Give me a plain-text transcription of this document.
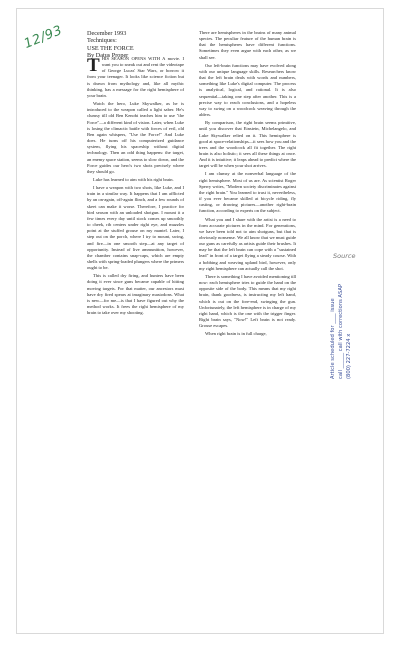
12/93	December 1993
Techniques:
USE THE FORCE
By Datus Proper

THIS SEASON OPENS WITH A movie. I want you to sneak out and rent the videotape of George Lucas' Star Wars, or borrow it from your teenager. It looks like science fiction but is drawn from mythology and, like all mythic thinking, has a message for the right hemisphere of your brain.

Watch the hero, Luke Skywalker, as he is introduced to the weapon called a light saber. He's clumsy till old Ben Kenobi teaches him to use "the Force"—a different kind of vision. Later, when Luke is losing the climactic battle with forces of evil, old Ben again whispers, "Use the Force!" And Luke does. He turns off his computerized guidance system, flying his spaceship without digital technology. Then an odd thing happens: the target, an enemy space station, seems to slow down, and the Force guides our hero's two shots precisely where they should go.

Luke has learned to aim with his right brain.

I have a weapon with two shots, like Luke, and I train in a similar way. It happens that I am afflicted by an on-again, off-again flinch, and a few rounds of skeet can make it worse. Therefore, I practice for bird season with an unloaded shotgun. I mount it a few times every day until stock comes up smoothly to cheek, rib centers under right eye, and muzzles point at the stuffed grouse on my mantel. Later, I step out on the porch, where I try to mount, swing, and fire—in one smooth step—at any target of opportunity. Instead of live ammunition, however, the chamber contains snap-caps, which are empty shells with spring-loaded plungers where the primers ought to be.

This is called dry firing, and hunters have been doing it ever since guns became capable of hitting moving targets. For that matter, our ancestors must have dry fired spears at imaginary mastodons. What is new—for me—is that I have figured out why the method works. It frees the right hemisphere of my brain to take over my shooting.

There are hemispheres in the brains of many animal species. The peculiar feature of the human brain is that the hemispheres have different functions. Sometimes they even argue with each other, as we shall see.

Our left-brain functions may have evolved along with our unique language skills. Researchers know that the left brain deals with words and numbers, something like Luke's digital computer. The process is analytical, logical, and rational. It is also sequential—taking one step after another. This is a precise way to reach conclusions, and a hopeless way to swing on a woodcock weaving through the alders.

By comparison, the right brain seems primitive, until you discover that Einstein, Michelangelo, and Luke Skywalker relied on it. This hemisphere is good at space-relationships—it sees how you and the trees and the woodcock all fit together. The right brain is also holistic; it sees all these things at once. And it is intuitive; it leaps ahead to predict where the target will be when your shot arrives.

I am clumsy at the nonverbal language of the right hemisphere. Most of us are. As scientist Roger Sperry writes, "Modern society discriminates against the right brain." You learned to trust it, nevertheless, if you ever became skilled at bicycle riding, fly casting, or drawing pictures—another right-brain function, according to experts on the subject.

What you and I share with the artist is a need to form accurate pictures in the mind. For generations, we have been told not to aim shotguns, but that is obviously nonsense. We all know that we must guide our guns as carefully as artists guide their brushes. It may be that the left brain can cope with a "sustained lead" in front of a target flying a steady course. With a bobbing and weaving upland bird, however, only my right hemisphere can actually call the shot.

There is something I have avoided mentioning till now: each hemisphere tries to guide the hand on the opposite side of the body. This means that my right brain, thank goodness, is instructing my left hand, which is out on the fore-end, swinging the gun. Unfortunately, the left hemisphere is in charge of my right hand, which is the one with the trigger finger. Right brain says, "Now!" Left brain is not ready. Grouse escapes.

When right brain is in full charge,	Article scheduled for ____ issue
call ______ call with corrections ASAP
(800) 227-7224 x
Source
